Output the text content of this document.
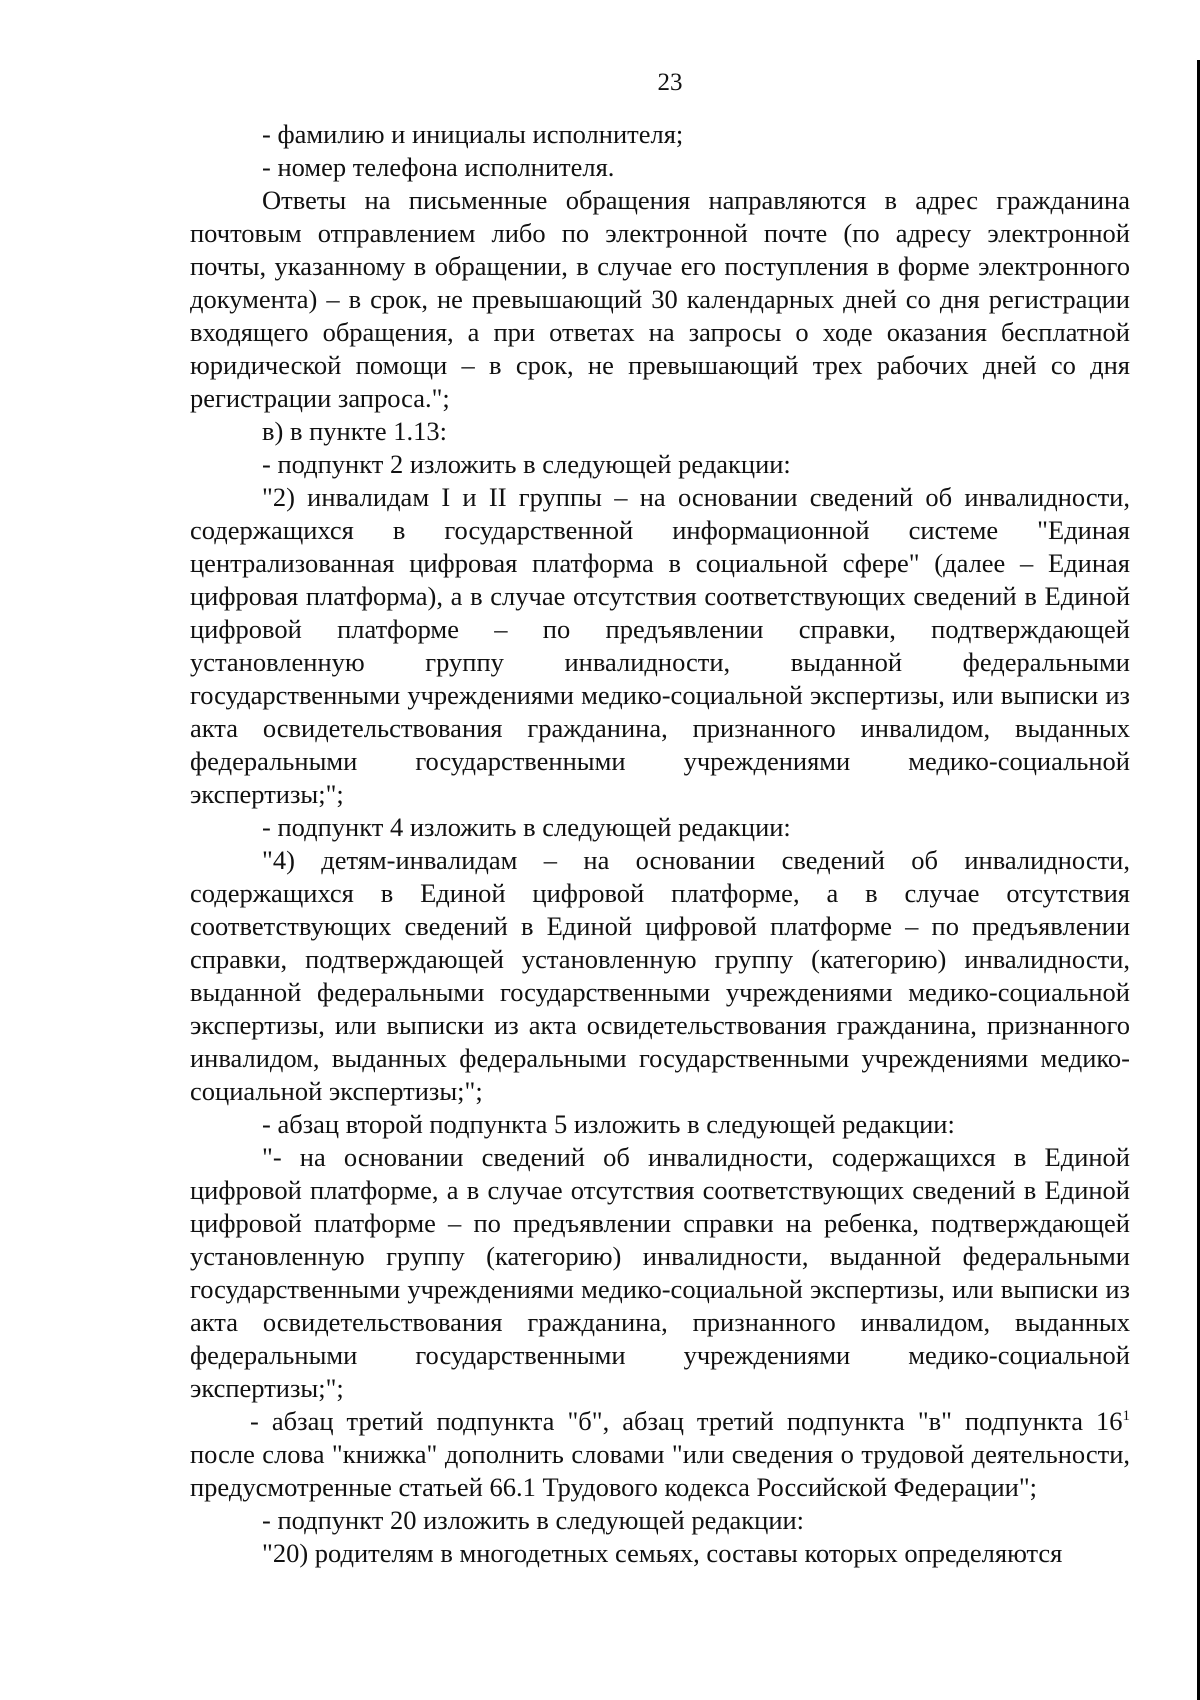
23

- фамилию и инициалы исполнителя;

- номер телефона исполнителя.

Ответы на письменные обращения направляются в адрес гражданина почтовым отправлением либо по электронной почте (по адресу электронной почты, указанному в обращении, в случае его поступления в форме электронного документа) – в срок, не превышающий 30 календарных дней со дня регистрации входящего обращения, а при ответах на запросы о ходе оказания бесплатной юридической помощи – в срок, не превышающий трех рабочих дней со дня регистрации запроса.";

в) в пункте 1.13:

- подпункт 2 изложить в следующей редакции:

"2) инвалидам I и II группы – на основании сведений об инвалидности, содержащихся в государственной информационной системе "Единая централизованная цифровая платформа в социальной сфере" (далее – Единая цифровая платформа), а в случае отсутствия соответствующих сведений в Единой цифровой платформе – по предъявлении справки, подтверждающей установленную группу инвалидности, выданной федеральными государственными учреждениями медико-социальной экспертизы, или выписки из акта освидетельствования гражданина, признанного инвалидом, выданных федеральными государственными учреждениями медико-социальной экспертизы;";

- подпункт 4 изложить в следующей редакции:

"4) детям-инвалидам – на основании сведений об инвалидности, содержащихся в Единой цифровой платформе, а в случае отсутствия соответствующих сведений в Единой цифровой платформе – по предъявлении справки, подтверждающей установленную группу (категорию) инвалидности, выданной федеральными государственными учреждениями медико-социальной экспертизы, или выписки из акта освидетельствования гражданина, признанного инвалидом, выданных федеральными государственными учреждениями медико-социальной экспертизы;";

- абзац второй подпункта 5 изложить в следующей редакции:

"- на основании сведений об инвалидности, содержащихся в Единой цифровой платформе, а в случае отсутствия соответствующих сведений в Единой цифровой платформе – по предъявлении справки на ребенка, подтверждающей установленную группу (категорию) инвалидности, выданной федеральными государственными учреждениями медико-социальной экспертизы, или выписки из акта освидетельствования гражданина, признанного инвалидом, выданных федеральными государственными учреждениями медико-социальной экспертизы;";

- абзац третий подпункта "б", абзац третий подпункта "в" подпункта $16^1$ после слова "книжка" дополнить словами "или сведения о трудовой деятельности, предусмотренные статьей 66.1 Трудового кодекса Российской Федерации";

- подпункт 20 изложить в следующей редакции:

"20) родителям в многодетных семьях, составы которых определяются
